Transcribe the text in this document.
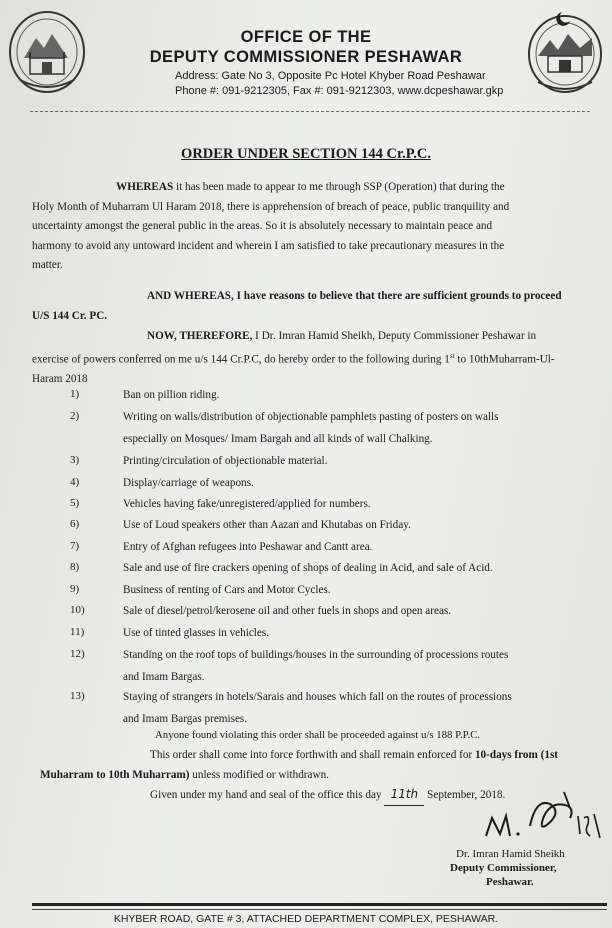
OFFICE OF THE
DEPUTY COMMISSIONER PESHAWAR
Address: Gate No 3, Opposite Pc Hotel Khyber Road Peshawar
Phone #: 091-9212305, Fax #: 091-9212303, www.dcpeshawar.gkp
ORDER UNDER SECTION 144 Cr.P.C.
WHEREAS it has been made to appear to me through SSP (Operation) that during the
Holy Month of Muharram Ul Haram 2018, there is apprehension of breach of peace, public tranquility and
uncertainty amongst the general public in the areas. So it is absolutely necessary to maintain peace and
harmony to avoid any untoward incident and wherein I am satisfied to take precautionary measures in the
matter.
AND WHEREAS, I have reasons to believe that there are sufficient grounds to proceed
U/S 144 Cr. PC.
NOW, THEREFORE, I Dr. Imran Hamid Sheikh, Deputy Commissioner Peshawar in
exercise of powers conferred on me u/s 144 Cr.P.C, do hereby order to the following during 1st to 10thMuharram-Ul-
Haram 2018
1)	Ban on pillion riding.
2)	Writing on walls/distribution of objectionable pamphlets pasting of posters on walls
especially on Mosques/ Imam Bargah and all kinds of wall Chalking.
3)	Printing/circulation of objectionable material.
4)	Display/carriage of weapons.
5)	Vehicles having fake/unregistered/applied for numbers.
6)	Use of Loud speakers other than Aazan and Khutabas on Friday.
7)	Entry of Afghan refugees into Peshawar and Cantt area.
8)	Sale and use of fire crackers opening of shops of dealing in Acid, and sale of Acid.
9)	Business of renting of Cars and Motor Cycles.
10)	Sale of diesel/petrol/kerosene oil and other fuels in shops and open areas.
11)	Use of tinted glasses in vehicles.
12)	Standing on the roof tops of buildings/houses in the surrounding of processions routes
and Imam Bargas.
13)	Staying of strangers in hotels/Sarais and houses which fall on the routes of processions
and Imam Bargas premises.
Anyone found violating this order shall be proceeded against u/s 188 P.P.C.
This order shall come into force forthwith and shall remain enforced for 10-days from (1st
Muharram to 10th Muharram) unless modified or withdrawn.
Given under my hand and seal of the office this day 11th September, 2018.
Dr. Imran Hamid Sheikh
Deputy Commissioner,
Peshawar.
KHYBER ROAD, GATE # 3, ATTACHED DEPARTMENT COMPLEX, PESHAWAR.
